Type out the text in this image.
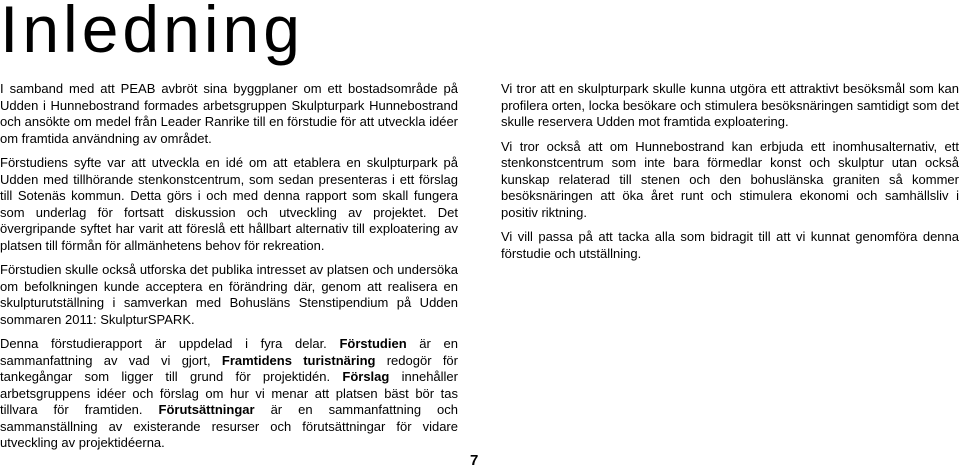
Inledning

I samband med att PEAB avbröt sina byggplaner om ett bostadsområde på Udden i Hunnebostrand formades arbetsgruppen Skulpturpark Hunnebostrand och ansökte om medel från Leader Ranrike till en förstudie för att utveckla idéer om framtida användning av området.

Förstudiens syfte var att utveckla en idé om att etablera en skulpturpark på Udden med tillhörande stenkonstcentrum, som sedan presenteras i ett förslag till Sotenäs kommun. Detta görs i och med denna rapport som skall fungera som underlag för fortsatt diskussion och utveckling av projektet. Det övergripande syftet har varit att föreslå ett hållbart alternativ till exploatering av platsen till förmån för allmänhetens behov för rekreation.

Förstudien skulle också utforska det publika intresset av platsen och undersöka om befolkningen kunde acceptera en förändring där, genom att realisera en skulpturutställning i samverkan med Bohusläns Stenstipendium på Udden sommaren 2011: SkulpturSPARK.

Denna förstudierapport är uppdelad i fyra delar. Förstudien är en sammanfattning av vad vi gjort, Framtidens turistnäring redogör för tankegångar som ligger till grund för projektidén. Förslag innehåller arbetsgruppens idéer och förslag om hur vi menar att platsen bäst bör tas tillvara för framtiden. Förutsättningar är en sammanfattning och sammanställning av existerande resurser och förutsättningar för vidare utveckling av projektidéerna.

Vi tror att en skulpturpark skulle kunna utgöra ett attraktivt besöksmål som kan profilera orten, locka besökare och stimulera besöksnäringen samtidigt som det skulle reservera Udden mot framtida exploatering.

Vi tror också att om Hunnebostrand kan erbjuda ett inomhusalternativ, ett stenkonstcentrum som inte bara förmedlar konst och skulptur utan också kunskap relaterad till stenen och den bohuslänska graniten så kommer besöksnäringen att öka året runt och stimulera ekonomi och samhällsliv i positiv riktning.

Vi vill passa på att tacka alla som bidragit till att vi kunnat genomföra denna förstudie och utställning.

7
